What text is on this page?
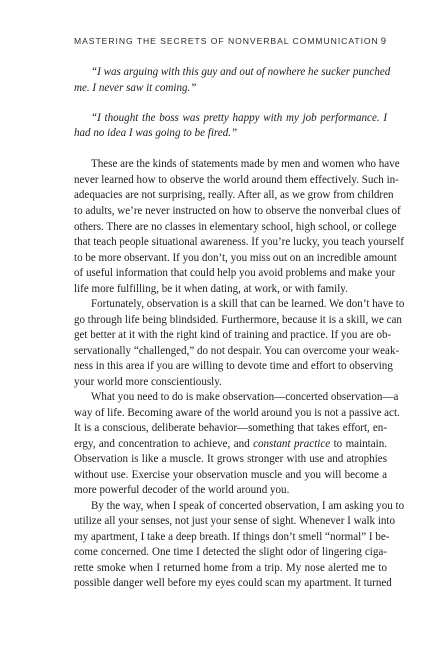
MASTERING THE SECRETS OF NONVERBAL COMMUNICATION 9
“I was arguing with this guy and out of nowhere he sucker punched
me. I never saw it coming.”
“I thought the boss was pretty happy with my job performance. I
had no idea I was going to be fired.”
These are the kinds of statements made by men and women who have
never learned how to observe the world around them effectively. Such in-
adequacies are not surprising, really. After all, as we grow from children
to adults, we’re never instructed on how to observe the nonverbal clues of
others. There are no classes in elementary school, high school, or college
that teach people situational awareness. If you’re lucky, you teach yourself
to be more observant. If you don’t, you miss out on an incredible amount
of useful information that could help you avoid problems and make your
life more fulfilling, be it when dating, at work, or with family.
Fortunately, observation is a skill that can be learned. We don’t have to
go through life being blindsided. Furthermore, because it is a skill, we can
get better at it with the right kind of training and practice. If you are ob-
servationally “challenged,” do not despair. You can overcome your weak-
ness in this area if you are willing to devote time and effort to observing
your world more conscientiously.
What you need to do is make observation—concerted observation—a
way of life. Becoming aware of the world around you is not a passive act.
It is a conscious, deliberate behavior—something that takes effort, en-
ergy, and concentration to achieve, and constant practice to maintain.
Observation is like a muscle. It grows stronger with use and atrophies
without use. Exercise your observation muscle and you will become a
more powerful decoder of the world around you.
By the way, when I speak of concerted observation, I am asking you to
utilize all your senses, not just your sense of sight. Whenever I walk into
my apartment, I take a deep breath. If things don’t smell “normal” I be-
come concerned. One time I detected the slight odor of lingering ciga-
rette smoke when I returned home from a trip. My nose alerted me to
possible danger well before my eyes could scan my apartment. It turned
